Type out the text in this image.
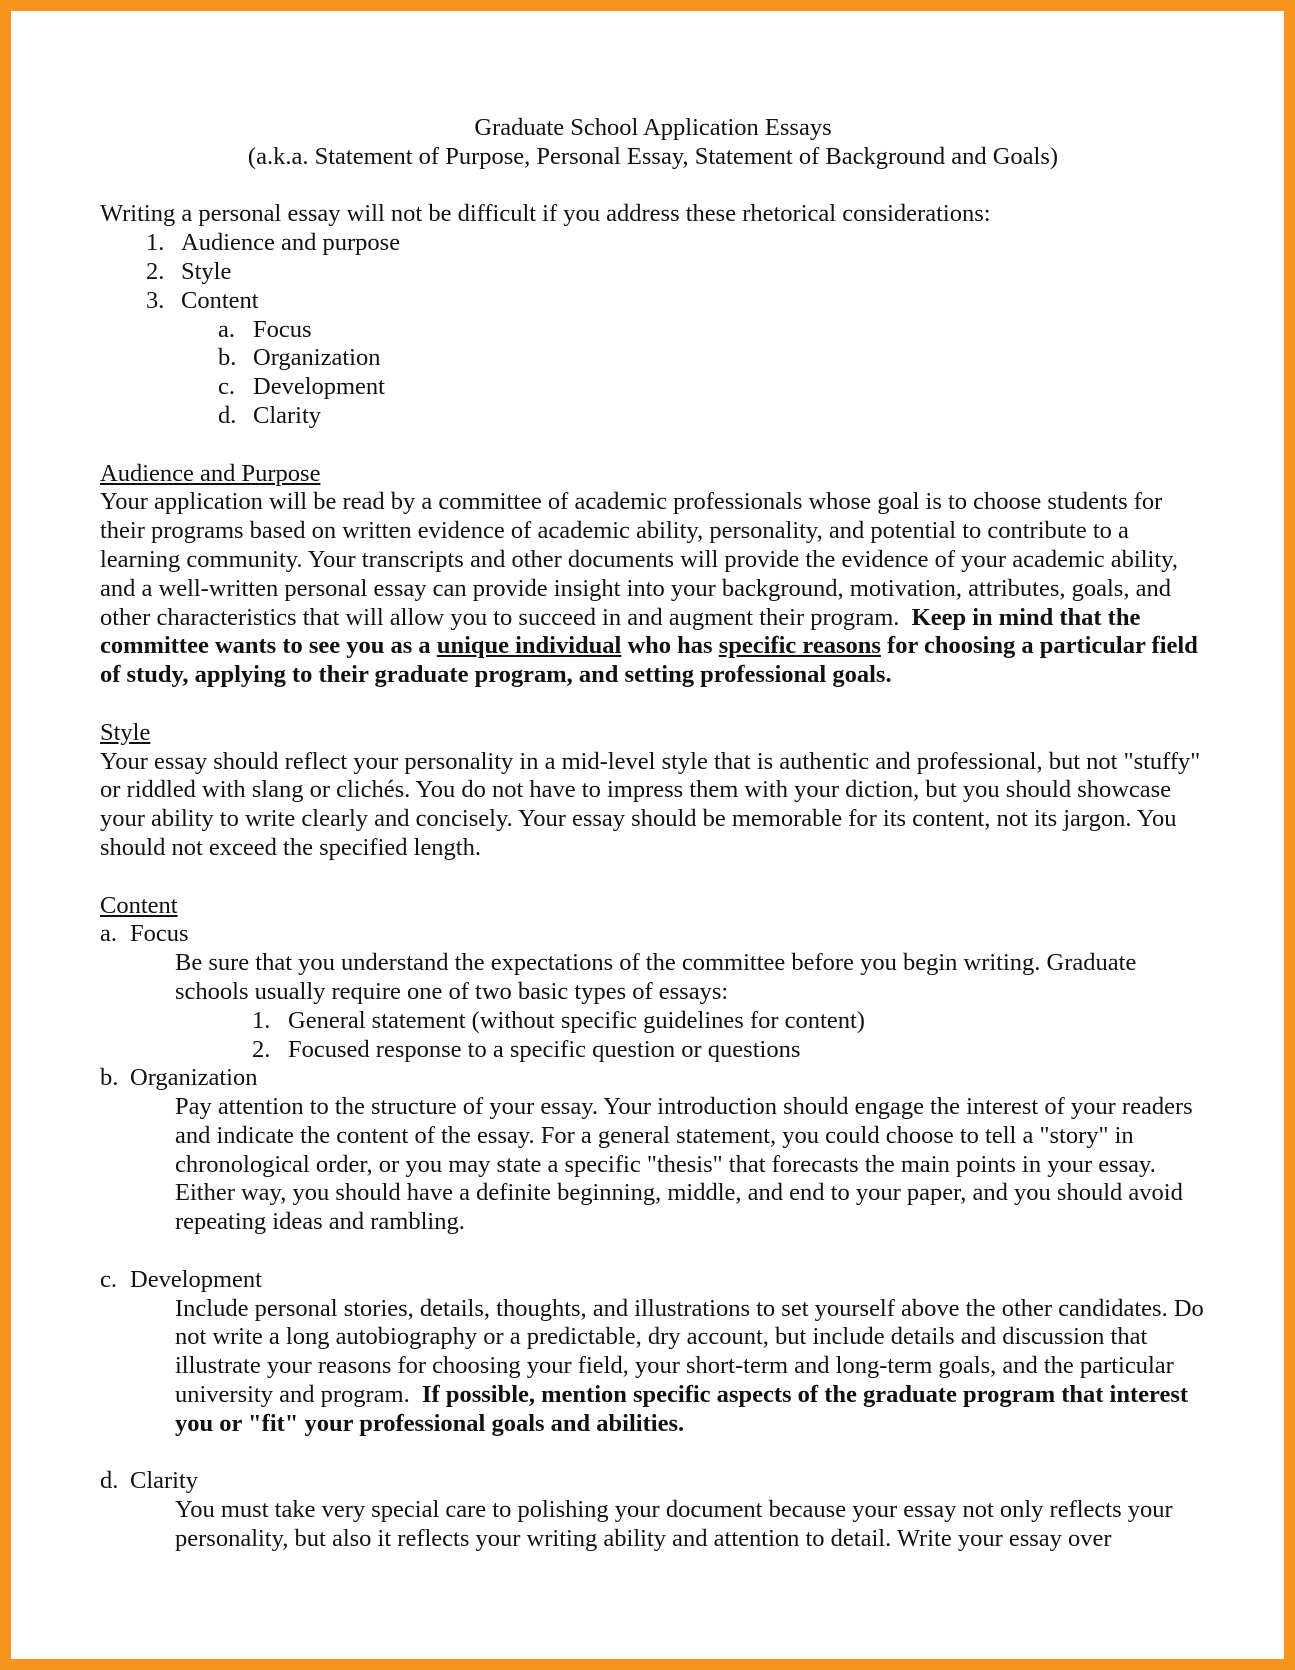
Graduate School Application Essays

(a.k.a. Statement of Purpose, Personal Essay, Statement of Background and Goals)

Writing a personal essay will not be difficult if you address these rhetorical considerations:

1. Audience and purpose
2. Style
3. Content
a. Focus
b. Organization
c. Development
d. Clarity

Audience and Purpose

Your application will be read by a committee of academic professionals whose goal is to choose students for their programs based on written evidence of academic ability, personality, and potential to contribute to a learning community. Your transcripts and other documents will provide the evidence of your academic ability, and a well-written personal essay can provide insight into your background, motivation, attributes, goals, and other characteristics that will allow you to succeed in and augment their program. Keep in mind that the committee wants to see you as a unique individual who has specific reasons for choosing a particular field of study, applying to their graduate program, and setting professional goals.

Style

Your essay should reflect your personality in a mid-level style that is authentic and professional, but not "stuffy" or riddled with slang or clichés. You do not have to impress them with your diction, but you should showcase your ability to write clearly and concisely. Your essay should be memorable for its content, not its jargon. You should not exceed the specified length.

Content

a. Focus

Be sure that you understand the expectations of the committee before you begin writing. Graduate schools usually require one of two basic types of essays:

1. General statement (without specific guidelines for content)
2. Focused response to a specific question or questions
b. Organization

Pay attention to the structure of your essay. Your introduction should engage the interest of your readers and indicate the content of the essay. For a general statement, you could choose to tell a "story" in chronological order, or you may state a specific "thesis" that forecasts the main points in your essay. Either way, you should have a definite beginning, middle, and end to your paper, and you should avoid repeating ideas and rambling.

c. Development

Include personal stories, details, thoughts, and illustrations to set yourself above the other candidates. Do not write a long autobiography or a predictable, dry account, but include details and discussion that illustrate your reasons for choosing your field, your short-term and long-term goals, and the particular university and program. If possible, mention specific aspects of the graduate program that interest you or "fit" your professional goals and abilities.

d. Clarity

You must take very special care to polishing your document because your essay not only reflects your personality, but also it reflects your writing ability and attention to detail. Write your essay over
